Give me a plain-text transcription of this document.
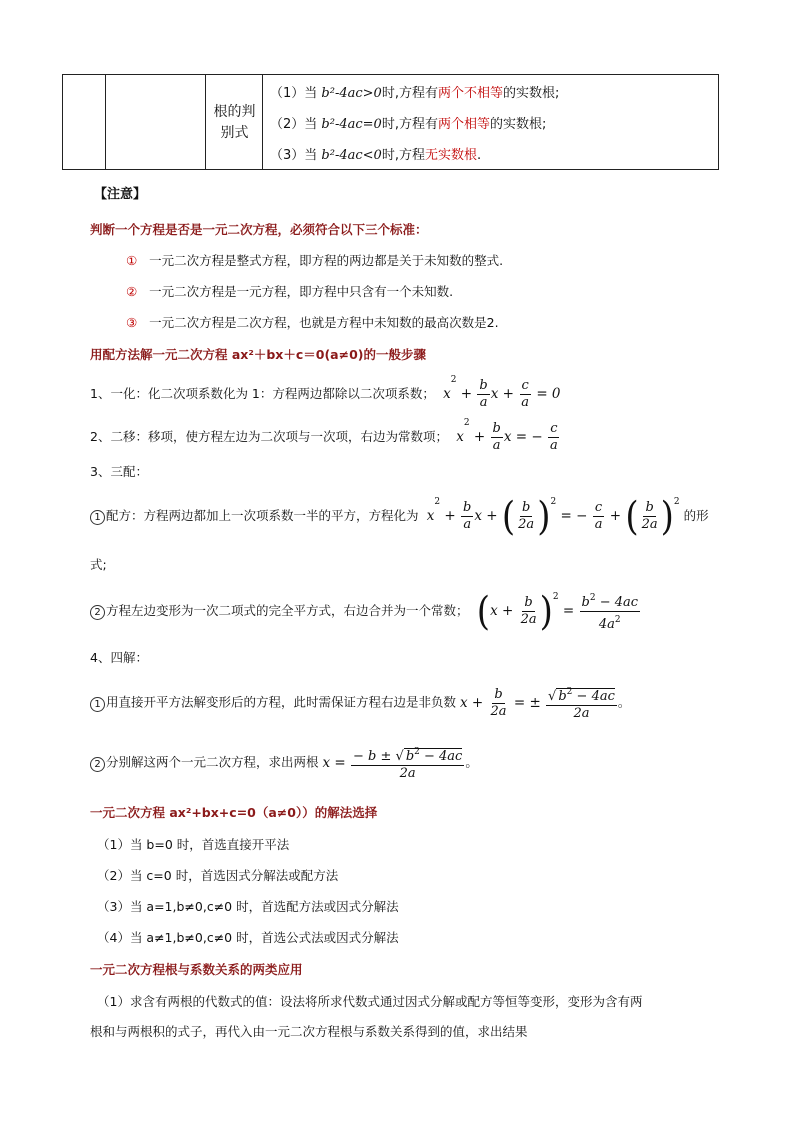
根的判
别式
（1）当 b²-4ac>0时,方程有两个不相等的实数根;
（2）当 b²-4ac=0时,方程有两个相等的实数根;
（3）当 b²-4ac<0时,方程无实数根.
【注意】
判断一个方程是否是一元二次方程，必须符合以下三个标准：
① 一元二次方程是整式方程，即方程的两边都是关于未知数的整式.
② 一元二次方程是一元方程，即方程中只含有一个未知数.
③ 一元二次方程是二次方程，也就是方程中未知数的最高次数是2.
用配方法解一元二次方程 ax²＋bx＋c＝0(a≠0)的一般步骤
1、一化：化二次项系数化为 1：方程两边都除以二次项系数；  $x^2 + \frac{b}{a}$ $x + \frac{c}{a} = 0$
2、二移：移项，使方程左边为二次项与一次项，右边为常数项；  $x^2 + \frac{b}{a}$ x = − $\frac{c}{a}$
3、三配：
1 配方：方程两边都加上一次项系数一半的平方，方程化为  $x^2 + \frac{b}{a}$ x + ( $\frac{b}{2a} )^2$ = − $\frac{c}{a}$ + ( $\frac{b}{2a} )^2$ 的形
式;
2 方程左边变形为一次二项式的完全平方式，右边合并为一个常数； $(x + \frac{b}{2a} )^2 = \frac{b^2 - 4ac}{4a^2}$
4、四解：
1 用直接开平方法解变形后的方程，此时需保证方程右边是非负数 $x + \frac{b}{2a}$ = ± $\frac{√ b^2 - 4ac}{2a}$ 。
2 分别解这两个一元二次方程，求出两根 $x = \frac{- b \pm √ b^2 - 4ac}{2a}$ 。
一元二次方程 ax²+bx+c=0（a≠0））的解法选择
（1）当 b=0 时，首选直接开平法
（2）当 c=0 时，首选因式分解法或配方法
（3）当 a=1,b≠0,c≠0 时，首选配方法或因式分解法
（4）当 a≠1,b≠0,c≠0 时，首选公式法或因式分解法
一元二次方程根与系数关系的两类应用
（1）求含有两根的代数式的值：设法将所求代数式通过因式分解或配方等恒等变形，变形为含有两
根和与两根积的式子，再代入由一元二次方程根与系数关系得到的值，求出结果
